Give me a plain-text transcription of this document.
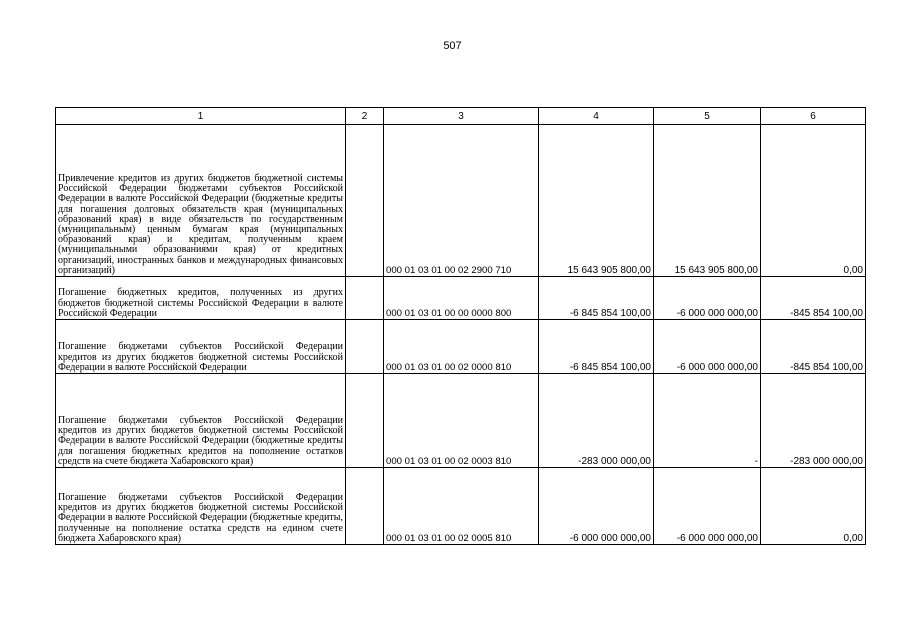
507
1	2	3	4	5	6
Привлечение кредитов из других бюджетов бюджетной системы Российской Федерации бюджетами субъектов Российской Федерации в валюте Российской Федерации (бюджетные кредиты для погашения долговых обязательств края (муниципальных образований края) в виде обязательств по государственным (муниципальным) ценным бумагам края (муниципальных образований края) и кредитам, полученным краем (муниципальными образованиями края) от кредитных организаций, иностранных банков и международных финансовых организаций)		000 01 03 01 00 02 2900 710	15 643 905 800,00	15 643 905 800,00	0,00
Погашение бюджетных кредитов, полученных из других бюджетов бюджетной системы Российской Федерации в валюте Российской Федерации		000 01 03 01 00 00 0000 800	-6 845 854 100,00	-6 000 000 000,00	-845 854 100,00
Погашение бюджетами субъектов Российской Федерации кредитов из других бюджетов бюджетной системы Российской Федерации в валюте Российской Федерации		000 01 03 01 00 02 0000 810	-6 845 854 100,00	-6 000 000 000,00	-845 854 100,00
Погашение бюджетами субъектов Российской Федерации кредитов из других бюджетов бюджетной системы Российской Федерации в валюте Российской Федерации (бюджетные кредиты для погашения бюджетных кредитов на пополнение остатков средств на счете бюджета Хабаровского края)		000 01 03 01 00 02 0003 810	-283 000 000,00	-	-283 000 000,00
Погашение бюджетами субъектов Российской Федерации кредитов из других бюджетов бюджетной системы Российской Федерации в валюте Российской Федерации (бюджетные кредиты, полученные на пополнение остатка средств на едином счете бюджета Хабаровского края)		000 01 03 01 00 02 0005 810	-6 000 000 000,00	-6 000 000 000,00	0,00
